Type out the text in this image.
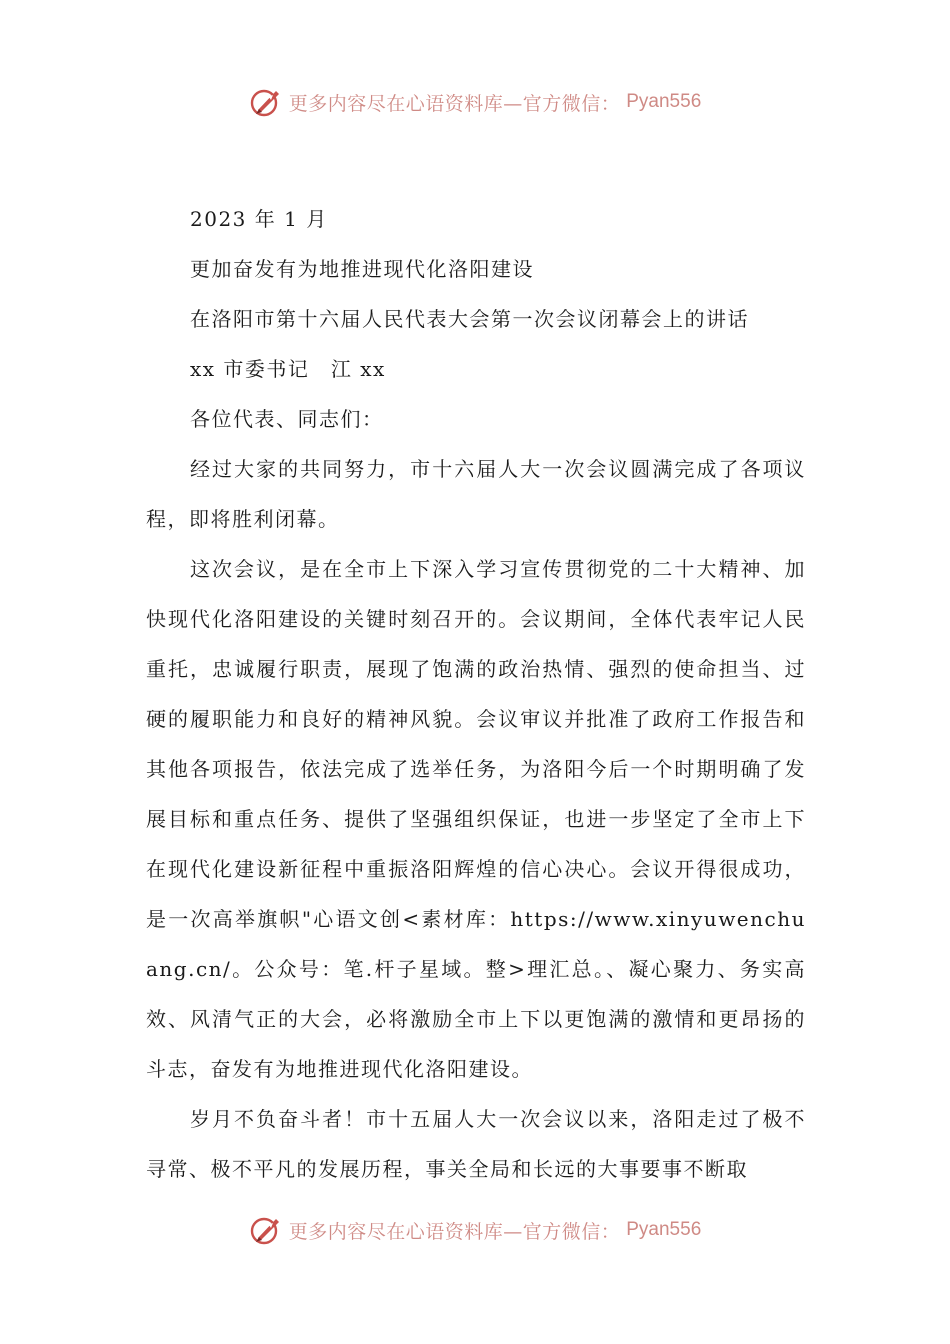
更多内容尽在心语资料库—官方微信： Pyan556

2023 年 1 月

更加奋发有为地推进现代化洛阳建设

在洛阳市第十六届人民代表大会第一次会议闭幕会上的讲话

xx 市委书记　江 xx

各位代表、同志们：

经过大家的共同努力，市十六届人大一次会议圆满完成了各项议程，即将胜利闭幕。

这次会议，是在全市上下深入学习宣传贯彻党的二十大精神、加快现代化洛阳建设的关键时刻召开的。会议期间，全体代表牢记人民重托，忠诚履行职责，展现了饱满的政治热情、强烈的使命担当、过硬的履职能力和良好的精神风貌。会议审议并批准了政府工作报告和其他各项报告，依法完成了选举任务，为洛阳今后一个时期明确了发展目标和重点任务、提供了坚强组织保证，也进一步坚定了全市上下在现代化建设新征程中重振洛阳辉煌的信心决心。会议开得很成功，是一次高举旗帜"心语文创<素材库：https://www.xinyuwenchuang.cn/。公众号：笔.杆子星域。整>理汇总。、凝心聚力、务实高效、风清气正的大会，必将激励全市上下以更饱满的激情和更昂扬的斗志，奋发有为地推进现代化洛阳建设。

岁月不负奋斗者！市十五届人大一次会议以来，洛阳走过了极不寻常、极不平凡的发展历程，事关全局和长远的大事要事不断取

更多内容尽在心语资料库—官方微信： Pyan556
